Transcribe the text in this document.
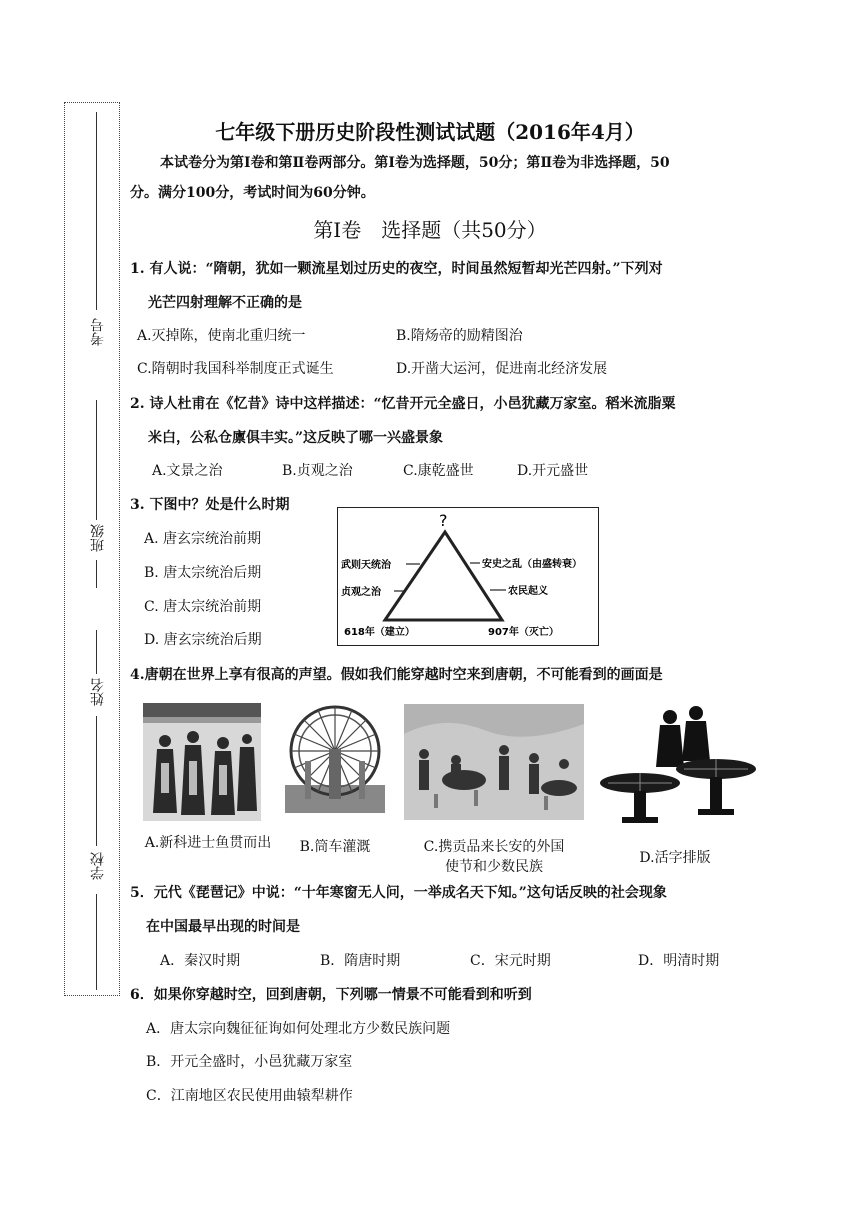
考号
班级
姓名
学校
七年级下册历史阶段性测试试题（2016年4月）
本试卷分为第Ⅰ卷和第Ⅱ卷两部分。第Ⅰ卷为选择题，50分；第Ⅱ卷为非选择题，50
分。满分100分，考试时间为60分钟。
第Ⅰ卷　选择题（共50分）
1. 有人说：“隋朝，犹如一颗流星划过历史的夜空，时间虽然短暂却光芒四射。”下列对
光芒四射理解不正确的是
A.灭掉陈，使南北重归统一	B.隋炀帝的励精图治
C.隋朝时我国科举制度正式诞生	D.开凿大运河，促进南北经济发展
2. 诗人杜甫在《忆昔》诗中这样描述：“忆昔开元全盛日，小邑犹藏万家室。稻米流脂粟
米白，公私仓廪俱丰实。”这反映了哪一兴盛景象
A.文景之治	B.贞观之治	C.康乾盛世	D.开元盛世
3. 下图中？处是什么时期
A. 唐玄宗统治前期
B. 唐太宗统治后期
C. 唐太宗统治前期
D. 唐玄宗统治后期
?
武则天统治
贞观之治
安史之乱（由盛转衰）
农民起义
618年（建立）	907年（灭亡）
4.唐朝在世界上享有很高的声望。假如我们能穿越时空来到唐朝，不可能看到的画面是
A.新科进士鱼贯而出	B.筒车灌溉	C.携贡品来长安的外国
使节和少数民族
D.活字排版
5．元代《琵琶记》中说：“十年寒窗无人问，一举成名天下知。”这句话反映的社会现象
在中国最早出现的时间是
A．秦汉时期	B．隋唐时期	C．宋元时期	D．明清时期
6．如果你穿越时空，回到唐朝，下列哪一情景不可能看到和听到
A．唐太宗向魏征征询如何处理北方少数民族问题
B．开元全盛时，小邑犹藏万家室
C．江南地区农民使用曲辕犁耕作
